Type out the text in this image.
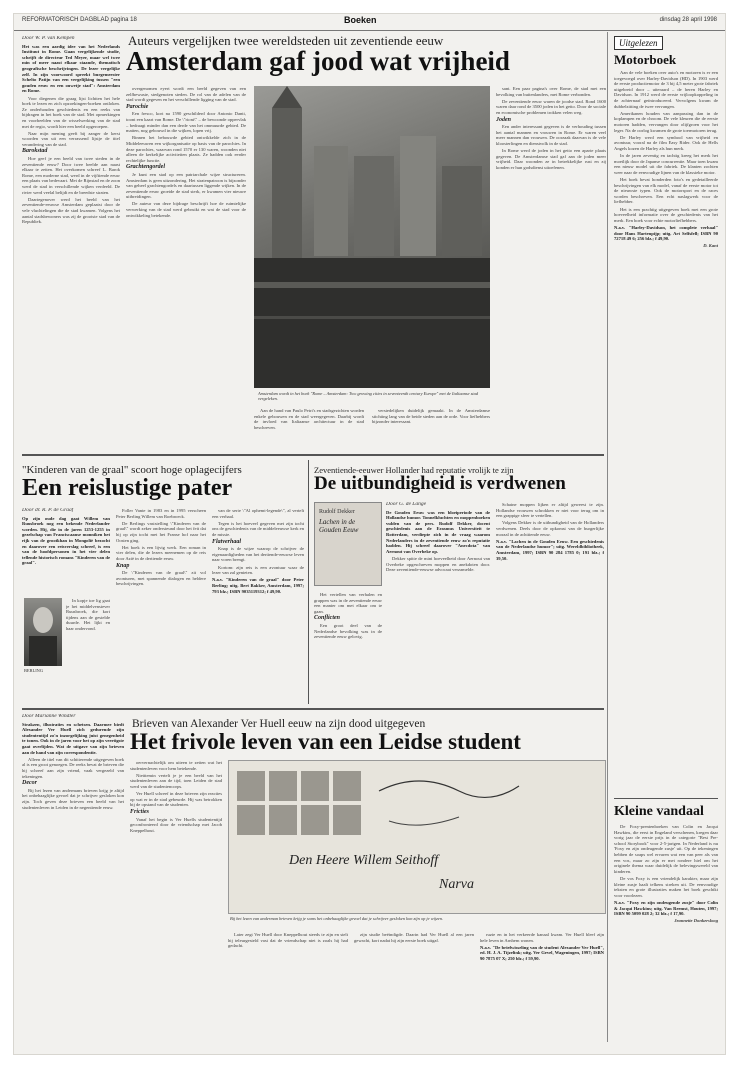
REFORMATORISCH DAGBLAD pagina 18	Boeken	dinsdag 28 april 1998
Auteurs vergelijken twee wereldsteden uit zeventiende eeuw
Amsterdam gaf jood wat vrijheid
Door W. P. van Kempen

Het was een aardig idee van het Nederlands Instituut in Rome. Gaan vergelijkende studie, schrijft de directeur Ted Meyer, maar wel twee min of meer naast elkaar staande, thematisch geografische beschrijvingen. De lezer vergelijke zelf. In zijn voorwoord spreekt burgemeester Schelto Patijn van een vergelijking tussen "een gouden eeuw en een ouwetje stad": Amsterdam en Rome.

Voor diegenen die graag lijst lichtten het hele boek te lezen en zich opzoekingen-boeken ontloken. Ze onderhouden geschiedenis en een reeks van bijdragen in het boek van de stad. Met opmerkingen en voorbeelden van de wisselwerking van de stad met de regio, wordt hier een beeld opgeroepen.

Naar mijn mening geeft bij zanger de kerst woorden van uit een verrassend lijstje de titel verandering van de stad.

Barokstad

Hoe geef je een beeld van twee steden in de zeventiende eeuw? Door twee beelde aan naast elkaar te zetten. Het overkomen schreef L. Barok Rome, een moderne stad, werd in de vijftiende eeuw een plaats van bedevaart. Met de Rijnstad en de zoon werd de stad in verschillende wijken verdeeld. De rivier werd veelal belijdt en de breedste straten.

Daartegenover werd het beeld van het zeventiende-eeuwse Amsterdam geplaatst door de vele vluchtelingen die de stad kwamen. Volgens het aantal stadsbewoners was zij de grootste stad van de Republiek.

overgenomen eyert wordt een beeld gegeven van een zelfbewuste, stedgenoten steden. De rol van de adelen van de stad wordt gegeven en het verschillende ligging van de stad.

Parochie

Een fresco, kort na 1590 geschilderd door Antonio Danti, toont een kaart van Rome. De \"rioni\" – de bewoonde oppervlak – bedraagt minder dan een derde van het ommuurde gebied. De matten, nog gebouwd in die wijken, lopen vrij.

Binnen het bebouwde gebied ontwikkelde zich in de Middeleeuwen een wijkorganisatie op basis van de parochies. In deze parochies, waarvan rond 1570 er 130 waren, woonden niet alleen de kerkelijke activiteiten plaats. Ze hadden ook eerder rechtelijke functie.

Grachtengordel

Je kunt een stad op een patriarchale wijze structureren. Amsterdam is geen uitzondering. Het stratenpatroon is bijzonder van geheel grachtengordels en daartussen liggende wijken. In de zeventiende eeuw groeide de stad sterk, er kwamen vier nieuwe uitbreidingen.

De auteur van deze bijdrage beschrijft hoe de ruimtelijke verwerking van de stad werd gebruikt en wat de stad voor de ontwikkeling betekende.

Amsterdam wordt in het boek "Rome – Amsterdam: Two growing cities in seventeenth century Europe" met de Italiaanse stad vergeleken.

Aan de hand van Paulo Petri's en stadsgezichten worden enkele gebouwen en de stad weergegeven. Daarbij wordt de invloed van Italiaanse architectuur in de stad beschreven.

verstedelijken duidelijk gemaakt. In de Amsterdamse stichting lang van de beide steden aan de orde. Voor liefhebbers bijzonder interessant.

sant. Een paar pagina's over Rome, de stad met een bevolking van buitenlanders, met Rome verbonden.

De zeventiende eeuw waren de joodse stad. Rond 1600 waren daar rond de 3500 joden in het getto. Door de sociale en economische problemen trokken velen weg.

Joden

Een ander interessant gegeven is de verhouding tussen het aantal mannen en vrouwen in Rome. Er waren veel meer mannen dan vrouwen. De oorzaak daarvan is de vele kloosterlingen en dienstvolk in de stad.

In Rome werd de joden in het getto een aparte plaats gegeven. De Amsterdamse stad gaf aan de joden meer vrijheid. Daar woonden ze in betrekkelijke rust en zij konden er hun godsdienst uitoefenen.

Uitgelezen
Motorboek

Aan de vele boeken over auto's en motoren is er een toegevoegd over Harley-Davidson (HD). In 1903 werd de eerste productiemotor de 3 bij 4,5 meter grote fabriek uitgebreid door – uiteraard – de heren Harley en Davidson. In 1912 werd de eerste vrijloopkoppeling in de achternaaf geïntroduceerd. Vervolgens kwam de dubbelzitting de twee vervangen.

Amerikanen houden van aanpassing dan in de koplampen en de chroom. De vele kleuren die de eerste motoren hadden, vervangen door olijfgroen voor het leger. Na de oorlog kwamen de grote toermotoren terug.

De Harley werd een symbool van vrijheid en avontuur, vooral na de film Easy Rider. Ook de Hells Angels kozen de Harley als hun merk.

In de jaren zeventig en tachtig kreeg het merk het moeilijk door de Japanse concurrentie. Maar toen kwam een nieuw model uit die fabriek. De klanten zochten weer naar de eenvoudige lijnen van de klassieke motor.

Het boek bevat honderden foto's en gedetailleerde beschrijvingen van elk model, vanaf de eerste motor tot de nieuwste typen. Ook de motorsport en de races worden beschreven. Een echt naslagwerk voor de liefhebber.

Het is een prachtig uitgegeven boek met een grote hoeveelheid informatie over de geschiedenis van het merk. Een boek voor echte motorliefhebbers.

N.a.v. "Harley-Davidson, het complete verhaal" door Hans Hartenpijp; uitg. Art Selfsfell; ISBN 90 72718 49 6; 256 blz.; f 49,90.

D. Kant
Kleine vandaal

De Foxy-prentenboeken van Colin en Jacqui Hawkins, die eerst in Engeland verschenen, kregen daar vorig jaar de eerste prijs in de categorie "Best Pre-school Storybook" voor 2-5-jarigen. In Nederland is nu 'Foxy en zijn ondeugende zusje' uit. Op de tekeningen hebben de soaps wel ervaren wat een van peer als van een vos, maar zo zijn er met rondere hiel om het originele thema waar duidelijk de belevingswereld van kinderen.

De vos Foxy is een vriendelijk karakter, maar zijn kleine zusje haalt telkens streken uit. De eenvoudige teksten en grote illustraties maken het boek geschikt voor voorlezen.

N.a.v. "Foxy en zijn ondeugende zusje" door Colin & Jacqui Hawkins; uitg. Van Reemst, Houten, 1997; ISBN 90 5099 028 2; 32 blz.; f 17,90.

Jeannette Donkersloog
"Kinderen van de graal" scoort hoge oplagecijfers
Een reislustige pater
Door dr. R. P. de Graaf

Op zijn oude dag gaat Willem van Ruusbroek nog een bekende Nederlander worden. Hij, die in de jaren 1253-1255 in gezelschap van Franciscaanse monniken het rijk van de grootkhan in Mongolië bezocht en daarover een reisverslag schreef, is een van de hoofdpersonen in het vier delen tellende historisch romans "Kinderen van de graal".

BERLING

In kopje toe lig gaat je het middelvenstever Ruusbroek, die kort tijdens aan de gestelde duurde. Het lijkt en haar ondervond.

Foller Vante in 1983 en in 1995 verscheen Peter Berling Willem van Roebroeck.

De Berlings vaststelling \"Kinderen van de graal\" wordt zeker ondersteund door het feit dat hij op zijn tocht met het Franse hof naar het Oosten ging.

Het boek is een lijvig werk. Een roman in vier delen, die de lezers meenemen op de reis door Azië in de dertiende eeuw.

Knap

De \"Kinderen van de graal\" zit vol avonturen, met spannende dialogen en heldere beschrijvingen.

van de serie \"Al ophemt-legende\", al vertelt een verhaal.

Tegen is het hoeveel gegeven met zijn tocht ons de geschiedenis van de middeleeuwse kerk en de missie.

Flatverhaal

Knap is de wijze waarop de schrijver de eigenaardigheden van het dertiende-eeuwse leven naar voren brengt.

Kortom: zijn reis is een avontuur waar de lezer van zal genieten.

N.a.v. "Kinderen van de graal" door Peter Berling; uitg. Bert Bakker, Amsterdam, 1997; 793 blz.; ISBN 9035119312; f 49,90.

Zeventiende-eeuwer Hollander had reputatie vrolijk te zijn
De uitbundigheid is verdwenen
Rudolf Dekker
Lachen in de Gouden Eeuw
Door G. de Lange

De Gouden Eeuw was een bloeiperiode van de Hollandse humor. Tonnelkluchten en moppenboeken vulden van de pers. Rudolf Dekker, docent geschiedenis aan de Erasmus Universiteit te Rotterdam, verdiepte zich in de vraag waarom Nederlanders in de zeventiende eeuw zo'n reputatie hadden. Hij schreef daarover "Anecdota" van Aernout van Overbeke op.

Dekker spitte de mini hoeveelheid door Aernout van Overbeke opgeschreven moppen en anekdoten door. Deze zeventiende-eeuwse advocaat verzamelde.

Het vertellen van verhalen en grappen was in de zeventiende eeuw een manier om met elkaar om te gaan.

Conflicten

Een groot deel van de Nederlandse bevolking was in de zeventiende eeuw gelovig.

Schaine moppen lijken er altijd geweest te zijn. Hollandse vrouwen schrokken er niet voor terug om in een grappige sfeer te vertellen.

Volgens Dekker is de uitbundigheid van de Hollanders verdwenen. Deels door de opkomst van de burgerlijke moraal in de achttiende eeuw.

N.a.v. "Lachen in de Gouden Eeuw. Een geschiedenis van de Nederlandse humor"; uitg. Wereldbibliotheek, Amsterdam, 1997; ISBN 90 284 1785 0; 191 blz.; f 39,50.

Brieven van Alexander Ver Huell eeuw na zijn dood uitgegeven
Het frivole leven van een Leidse student
Door Marianne Windler

Strakzen, illustraties en schetsen. Daarmee biedt Alexander Ver Huell zich gedurende zijn studententijd zo'n inzorgelijking juist genegenheid te tonen. Ook in de jaren voor het op zijn veertigste gaat overlijden. Wat de uitgave van zijn brieven aan de hand van zijn correspondentie.

Alleen de titel van dit schitterende uitgegeven boek al is een groot genoegen. De reeks bevat de brieven die hij schreef aan zijn vriend, vaak vergezeld van tekeningen.

Decor

Bij het lezen van andermans brieven krijg je altijd het onbehaaglijke gevoel dat je schrijver gesloken kon zijn. Toch geven deze brieven een beeld van het studentenleven in Leiden in de negentiende eeuw.

oervernachtelijk om uiteen te zetten wat het studentenleven voor hem betekende.

Nietttemin vertelt je je een beeld van het studentenleven aan de tijd, toen Leiden de stad werd van de studentencorps.

Ver Huell schreef in deze brieven zijn reacties op wat er in de stad gebeurde. Hij was betrokken bij de opstand van de studenten.

Fricties

Vanaf het begin is Ver Huells studententijd geconfronteerd door de vriendschap met Jacob Kneppelhout.

Den Heere Willem Seithoff
Narva
Bij het lezen van anderman brieven krijg je soms het onbehaaglijke gevoel dat je schrijver gesloken kon zijn op je wijzen.

Later zegt Ver Huell door Kneppelhout steeds te zijn en stelt hij teleurgesteld vast dat de vriendschap niet is zoals hij had gedacht.

zijn studie beëindigde. Daarin had Ver Huell al een jaren gewacht, kort nadat hij zijn eerste boek uitgaf.

ruzie en in het verkeerde kanaal kwam. Ver Huell bleef zijn hele leven in Arnhem wonen.

N.a.v. "De briefwisseling van de student Alexander Ver Huell", ed. H. J. A. Tijzelink; uitg. Ver Gevel, Wageningen, 1997; ISBN 90 7875 07 X; 250 blz.; f 59,90.
